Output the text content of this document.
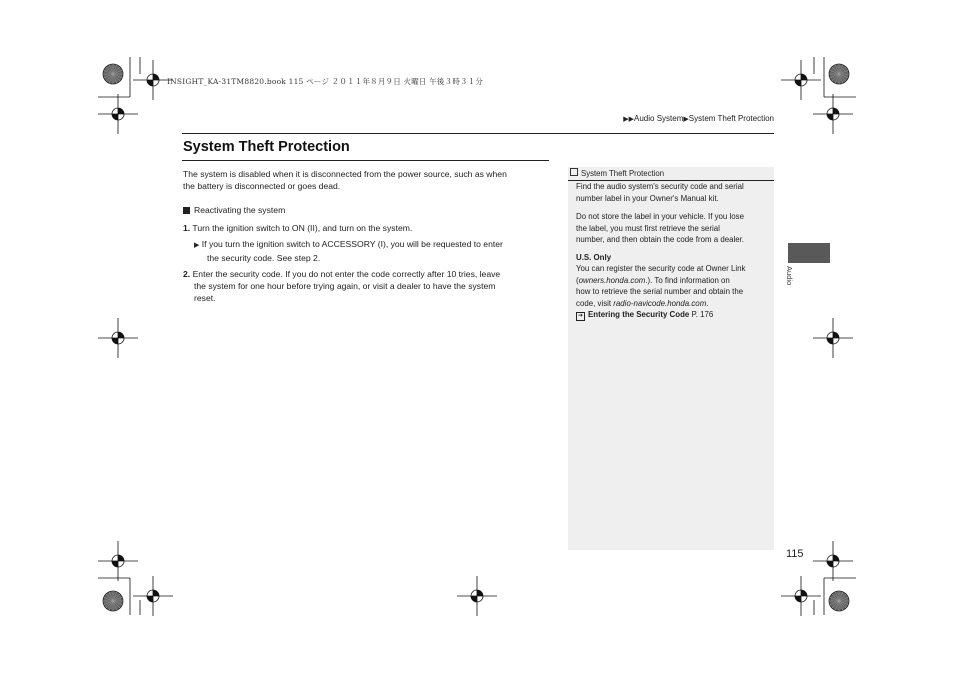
INSIGHT_KA-31TM8820.book 115 ページ ２０１１年８月９日 火曜日 午後３時３１分
▶▶Audio System▶System Theft Protection
System Theft Protection
The system is disabled when it is disconnected from the power source, such as when
the battery is disconnected or goes dead.
Reactivating the system
1. Turn the ignition switch to ON (II), and turn on the system.
▶ If you turn the ignition switch to ACCESSORY (I), you will be requested to enter
the security code. See step 2.
2. Enter the security code. If you do not enter the code correctly after 10 tries, leave
the system for one hour before trying again, or visit a dealer to have the system
reset.
System Theft Protection
Find the audio system's security code and serial
number label in your Owner's Manual kit.
Do not store the label in your vehicle. If you lose
the label, you must first retrieve the serial
number, and then obtain the code from a dealer.
U.S. Only
You can register the security code at Owner Link
(owners.honda.com.). To find information on
how to retrieve the serial number and obtain the
code, visit radio-navicode.honda.com.
➔ Entering the Security Code P. 176
Audio
115
